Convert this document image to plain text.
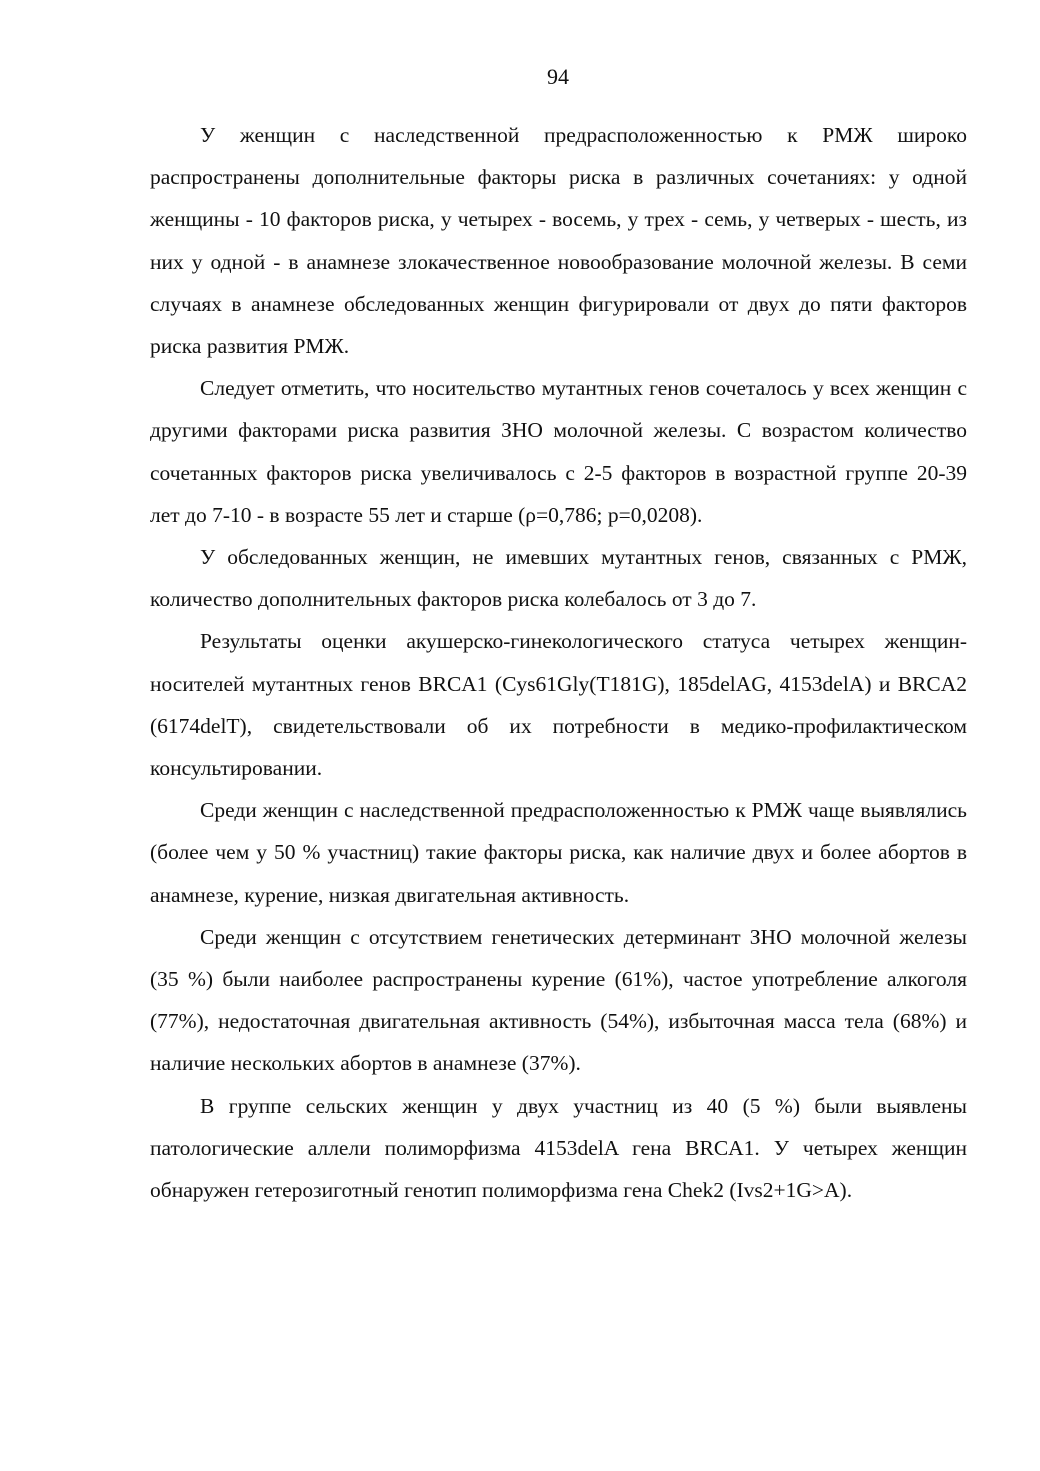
94

У женщин с наследственной предрасположенностью к РМЖ широко распространены дополнительные факторы риска в различных сочетаниях: у одной женщины - 10 факторов риска, у четырех - восемь, у трех - семь, у четверых - шесть, из них у одной - в анамнезе злокачественное новообразование молочной железы. В семи случаях в анамнезе обследованных женщин фигурировали от двух до пяти факторов риска развития РМЖ.

Следует отметить, что носительство мутантных генов сочеталось у всех женщин с другими факторами риска развития ЗНО молочной железы. С возрастом количество сочетанных факторов риска увеличивалось с 2-5 факторов в возрастной группе 20-39 лет до 7-10 - в возрасте 55 лет и старше (ρ=0,786; p=0,0208).

У обследованных женщин, не имевших мутантных генов, связанных с РМЖ, количество дополнительных факторов риска колебалось от 3 до 7.

Результаты оценки акушерско-гинекологического статуса четырех женщин-носителей мутантных генов BRCA1 (Cys61Gly(T181G), 185delAG, 4153delA) и BRCA2 (6174delT), свидетельствовали об их потребности в медико-профилактическом консультировании.

Среди женщин с наследственной предрасположенностью к РМЖ чаще выявлялись (более чем у 50 % участниц) такие факторы риска, как наличие двух и более абортов в анамнезе, курение, низкая двигательная активность.

Среди женщин с отсутствием генетических детерминант ЗНО молочной железы (35 %) были наиболее распространены курение (61%), частое употребление алкоголя (77%), недостаточная двигательная активность (54%), избыточная масса тела (68%) и наличие нескольких абортов в анамнезе (37%).

В группе сельских женщин у двух участниц из 40 (5 %) были выявлены патологические аллели полиморфизма 4153delA гена BRCA1. У четырех женщин обнаружен гетерозиготный генотип полиморфизма гена Chek2 (Ivs2+1G>A).
